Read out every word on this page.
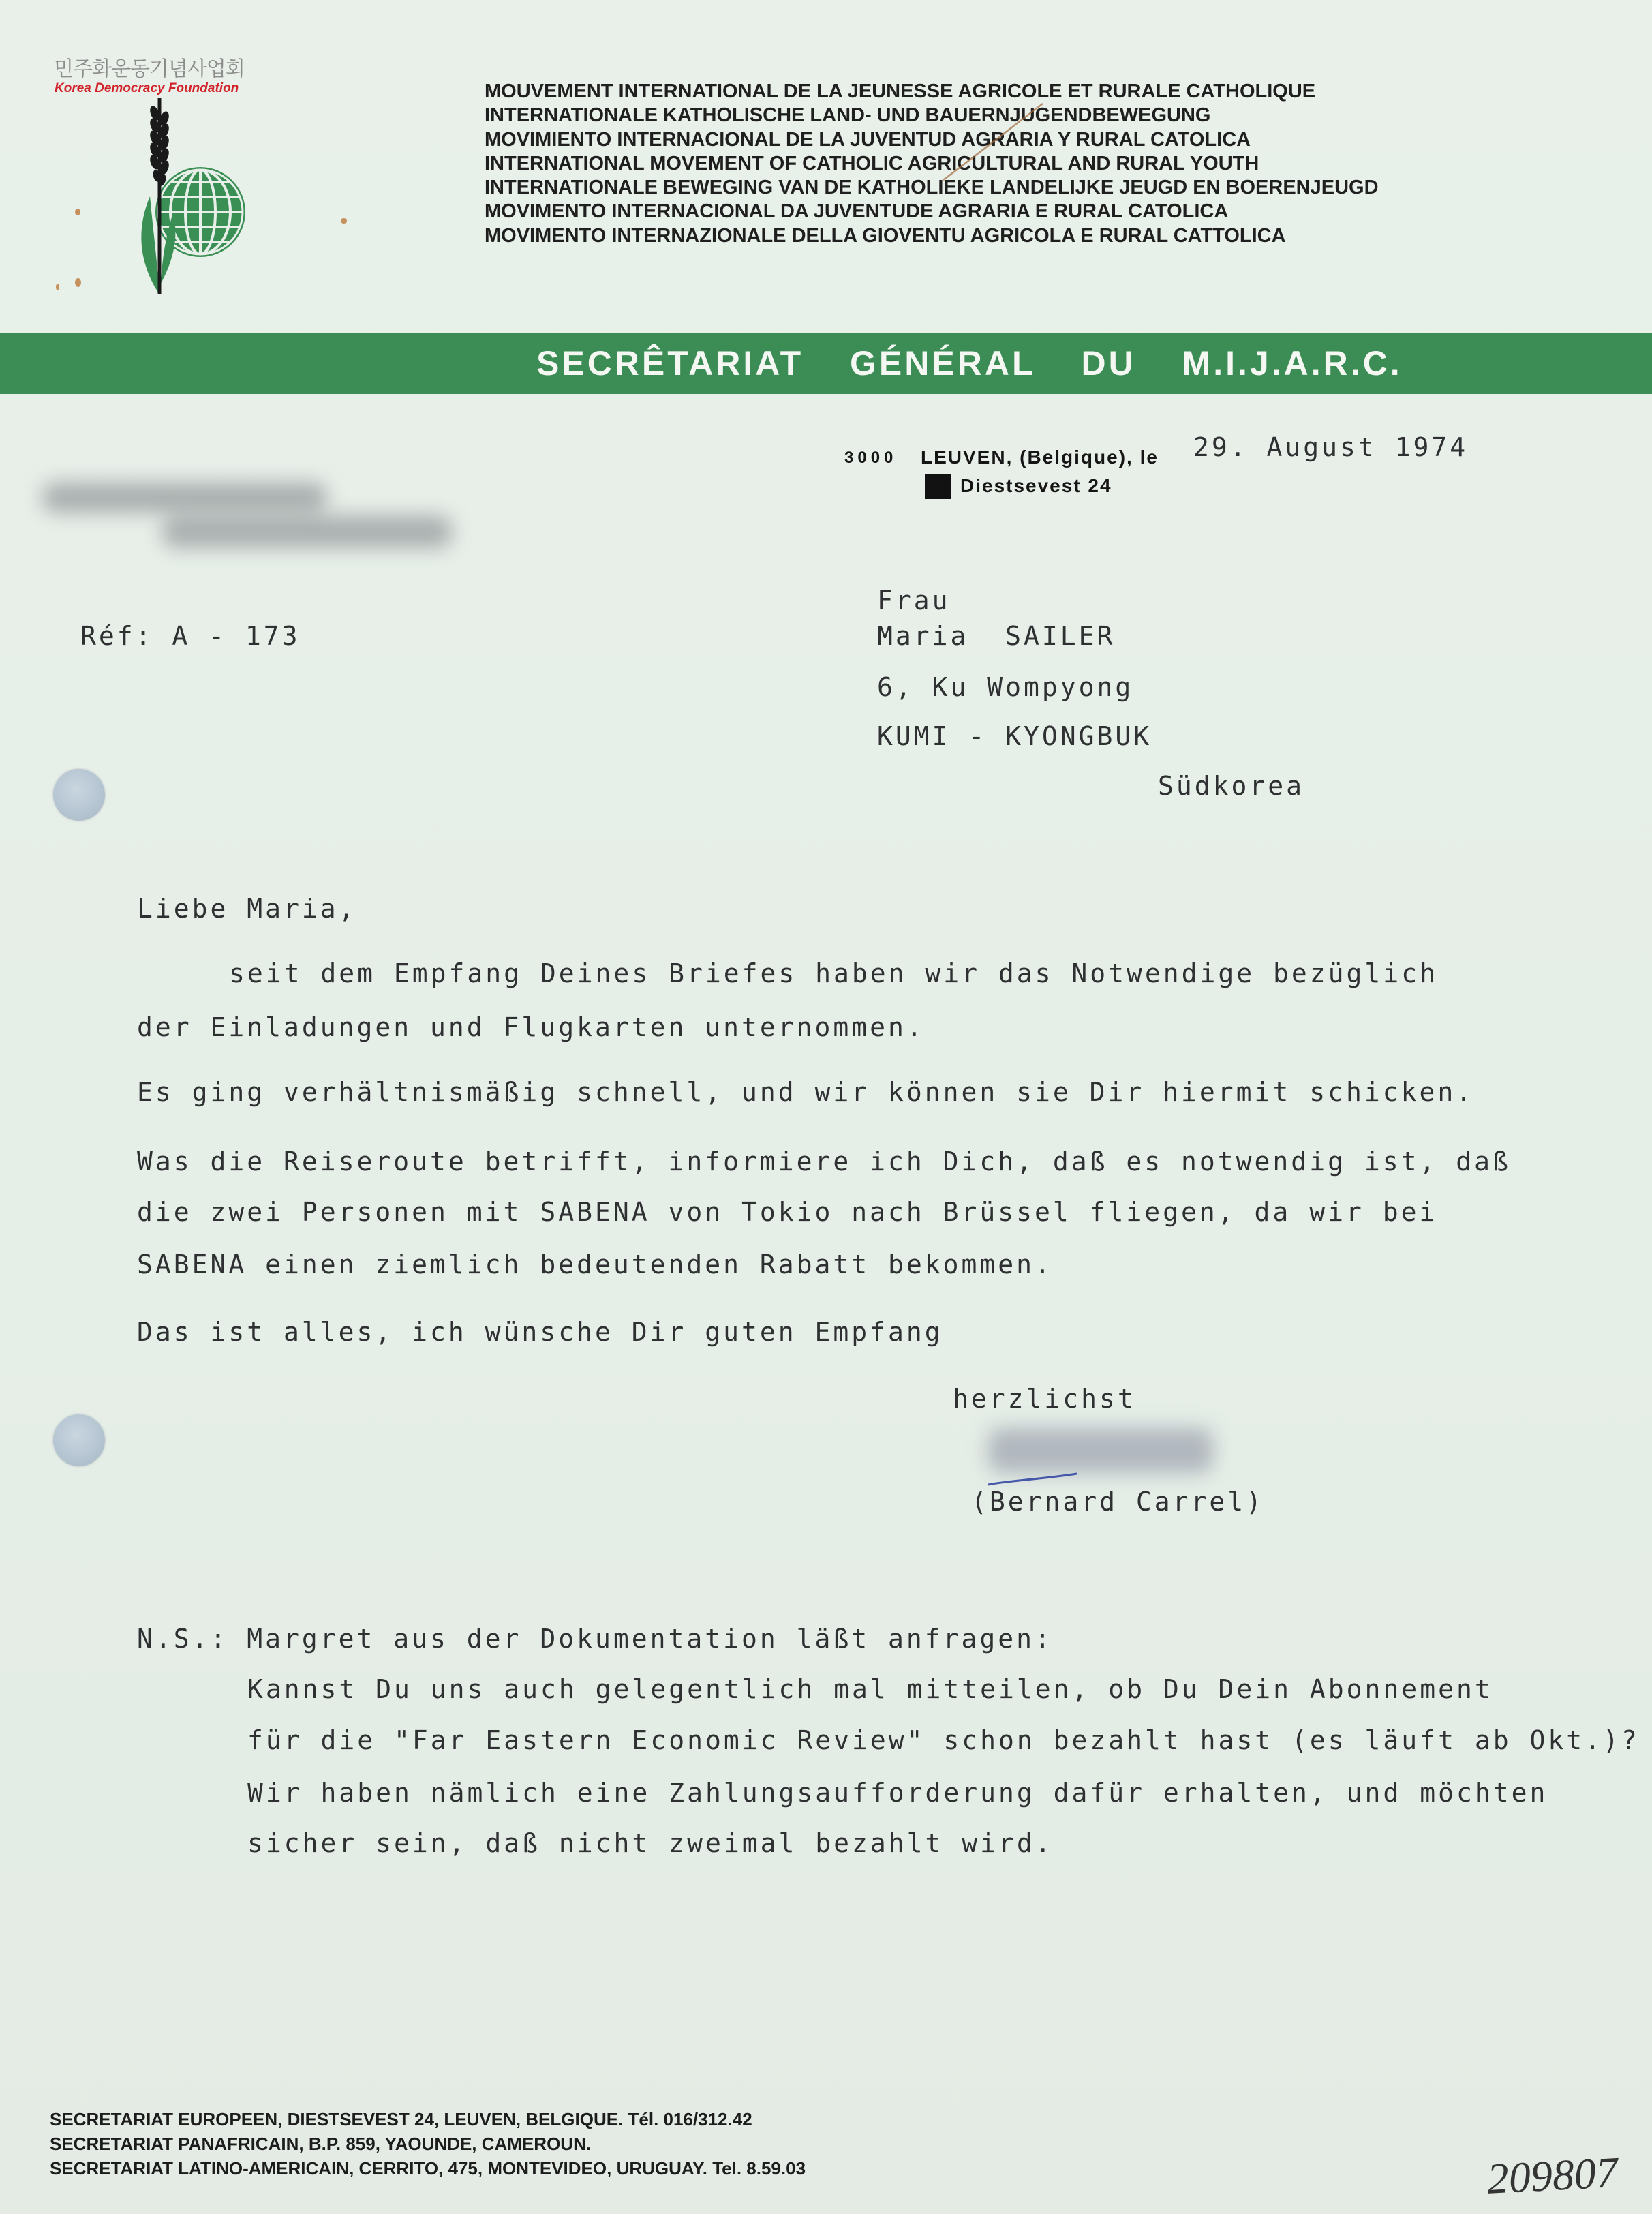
민주화운동기념사업회
Korea Democracy Foundation	MOUVEMENT INTERNATIONAL DE LA JEUNESSE AGRICOLE ET RURALE CATHOLIQUE
INTERNATIONALE KATHOLISCHE LAND- UND BAUERNJUGENDBEWEGUNG
MOVIMIENTO INTERNACIONAL DE LA JUVENTUD AGRARIA Y RURAL CATOLICA
INTERNATIONAL MOVEMENT OF CATHOLIC AGRICULTURAL AND RURAL YOUTH
INTERNATIONALE BEWEGING VAN DE KATHOLIEKE LANDELIJKE JEUGD EN BOERENJEUGD
MOVIMENTO INTERNACIONAL DA JUVENTUDE AGRARIA E RURAL CATOLICA
MOVIMENTO INTERNAZIONALE DELLA GIOVENTU AGRICOLA E RURAL CATTOLICA
SECRÊTARIAT GÉNÉRAL DU M.I.J.A.R.C.
3000 LEUVEN, (Belgique), le
Diestsevest 24
29. August 1974
Réf: A - 173
Frau
Maria  SAILER
6, Ku Wompyong
KUMI - KYONGBUK
Südkorea
Liebe Maria,
seit dem Empfang Deines Briefes haben wir das Notwendige bezüglich
der Einladungen und Flugkarten unternommen.
Es ging verhältnismäßig schnell, und wir können sie Dir hiermit schicken.
Was die Reiseroute betrifft, informiere ich Dich, daß es notwendig ist, daß
die zwei Personen mit SABENA von Tokio nach Brüssel fliegen, da wir bei
SABENA einen ziemlich bedeutenden Rabatt bekommen.
Das ist alles, ich wünsche Dir guten Empfang
herzlichst
(Bernard Carrel)
N.S.: Margret aus der Dokumentation läßt anfragen:
Kannst Du uns auch gelegentlich mal mitteilen, ob Du Dein Abonnement
für die "Far Eastern Economic Review" schon bezahlt hast (es läuft ab Okt.)?
Wir haben nämlich eine Zahlungsaufforderung dafür erhalten, und möchten
sicher sein, daß nicht zweimal bezahlt wird.
SECRETARIAT EUROPEEN, DIESTSEVEST 24, LEUVEN, BELGIQUE. Tél. 016/312.42
SECRETARIAT PANAFRICAIN, B.P. 859, YAOUNDE, CAMEROUN.
SECRETARIAT LATINO-AMERICAIN, CERRITO, 475, MONTEVIDEO, URUGUAY. Tel. 8.59.03	209807
